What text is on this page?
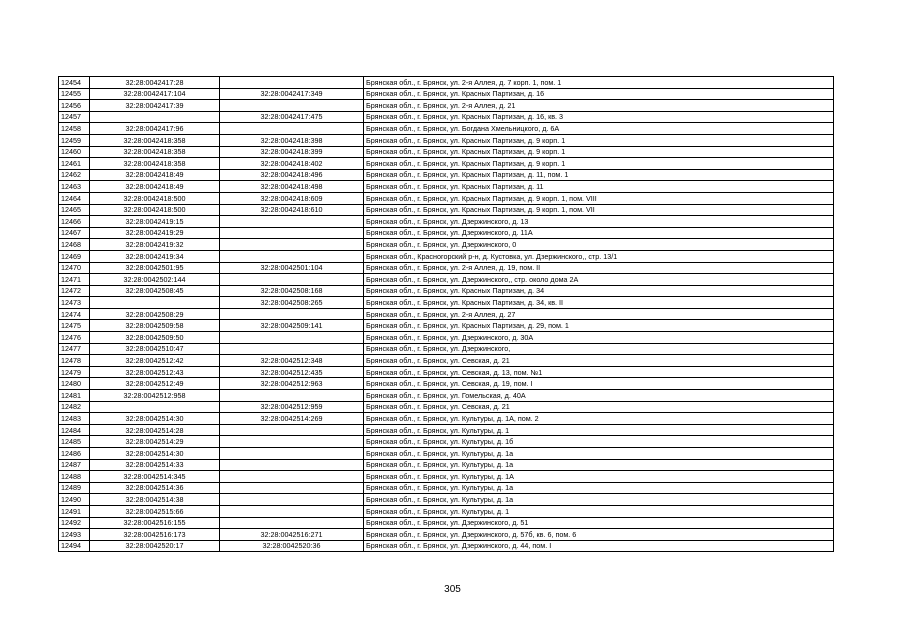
12454	32:28:0042417:28		Брянская обл., г. Брянск, ул. 2-я Аллея, д. 7 корп. 1, пом. 1
12455	32:28:0042417:104	32:28:0042417:349	Брянская обл., г. Брянск, ул. Красных Партизан, д. 16
12456	32:28:0042417:39		Брянская обл., г. Брянск, ул. 2-я Аллея, д. 21
12457		32:28:0042417:475	Брянская обл., г. Брянск, ул. Красных Партизан, д. 16, кв. 3
12458	32:28:0042417:96		Брянская обл., г. Брянск, ул. Богдана Хмельницкого, д. 6А
12459	32:28:0042418:358	32:28:0042418:398	Брянская обл., г. Брянск, ул. Красных Партизан, д. 9 корп. 1
12460	32:28:0042418:358	32:28:0042418:399	Брянская обл., г. Брянск, ул. Красных Партизан, д. 9 корп. 1
12461	32:28:0042418:358	32:28:0042418:402	Брянская обл., г. Брянск, ул. Красных Партизан, д. 9 корп. 1
12462	32:28:0042418:49	32:28:0042418:496	Брянская обл., г. Брянск, ул. Красных Партизан, д. 11, пом. 1
12463	32:28:0042418:49	32:28:0042418:498	Брянская обл., г. Брянск, ул. Красных Партизан, д. 11
12464	32:28:0042418:500	32:28:0042418:609	Брянская обл., г. Брянск, ул. Красных Партизан, д. 9 корп. 1, пом. VIII
12465	32:28:0042418:500	32:28:0042418:610	Брянская обл., г. Брянск, ул. Красных Партизан, д. 9 корп. 1, пом. VII
12466	32:28:0042419:15		Брянская обл., г. Брянск, ул. Дзержинского, д. 13
12467	32:28:0042419:29		Брянская обл., г. Брянск, ул. Дзержинского, д. 11А
12468	32:28:0042419:32		Брянская обл., г. Брянск, ул. Дзержинского, 0
12469	32:28:0042419:34		Брянская обл., Красногорский р-н, д. Кустовка, ул. Дзержинского,, стр. 13/1
12470	32:28:0042501:95	32:28:0042501:104	Брянская обл., г. Брянск, ул. 2-я Аллея, д. 19, пом. II
12471	32:28:0042502:144		Брянская обл., г. Брянск, ул. Дзержинского,, стр. около дома 2А
12472	32:28:0042508:45	32:28:0042508:168	Брянская обл., г. Брянск, ул. Красных Партизан, д. 34
12473		32:28:0042508:265	Брянская обл., г. Брянск, ул. Красных Партизан, д. 34, кв. II
12474	32:28:0042508:29		Брянская обл., г. Брянск, ул. 2-я Аллея, д. 27
12475	32:28:0042509:58	32:28:0042509:141	Брянская обл., г. Брянск, ул. Красных Партизан, д. 29, пом. 1
12476	32:28:0042509:50		Брянская обл., г. Брянск, ул. Дзержинского, д. 30А
12477	32:28:0042510:47		Брянская обл., г. Брянск, ул. Дзержинского,
12478	32:28:0042512:42	32:28:0042512:348	Брянская обл., г. Брянск, ул. Севская, д. 21
12479	32:28:0042512:43	32:28:0042512:435	Брянская обл., г. Брянск, ул. Севская, д. 13, пом. №1
12480	32:28:0042512:49	32:28:0042512:963	Брянская обл., г. Брянск, ул. Севская, д. 19, пом. I
12481	32:28:0042512:958		Брянская обл., г. Брянск, ул. Гомельская, д. 40А
12482		32:28:0042512:959	Брянская обл., г. Брянск, ул. Севская, д. 21
12483	32:28:0042514:30	32:28:0042514:269	Брянская обл., г. Брянск, ул. Культуры, д. 1А, пом. 2
12484	32:28:0042514:28		Брянская обл., г. Брянск, ул. Культуры, д. 1
12485	32:28:0042514:29		Брянская обл., г. Брянск, ул. Культуры, д. 1б
12486	32:28:0042514:30		Брянская обл., г. Брянск, ул. Культуры, д. 1а
12487	32:28:0042514:33		Брянская обл., г. Брянск, ул. Культуры, д. 1а
12488	32:28:0042514:345		Брянская обл., г. Брянск, ул. Культуры, д. 1А
12489	32:28:0042514:36		Брянская обл., г. Брянск, ул. Культуры, д. 1а
12490	32:28:0042514:38		Брянская обл., г. Брянск, ул. Культуры, д. 1а
12491	32:28:0042515:66		Брянская обл., г. Брянск, ул. Культуры, д. 1
12492	32:28:0042516:155		Брянская обл., г. Брянск, ул. Дзержинского, д. 51
12493	32:28:0042516:173	32:28:0042516:271	Брянская обл., г. Брянск, ул. Дзержинского, д. 57б, кв. 6, пом. 6
12494	32:28:0042520:17	32:28:0042520:36	Брянская обл., г. Брянск, ул. Дзержинского, д. 44, пом. I
305
